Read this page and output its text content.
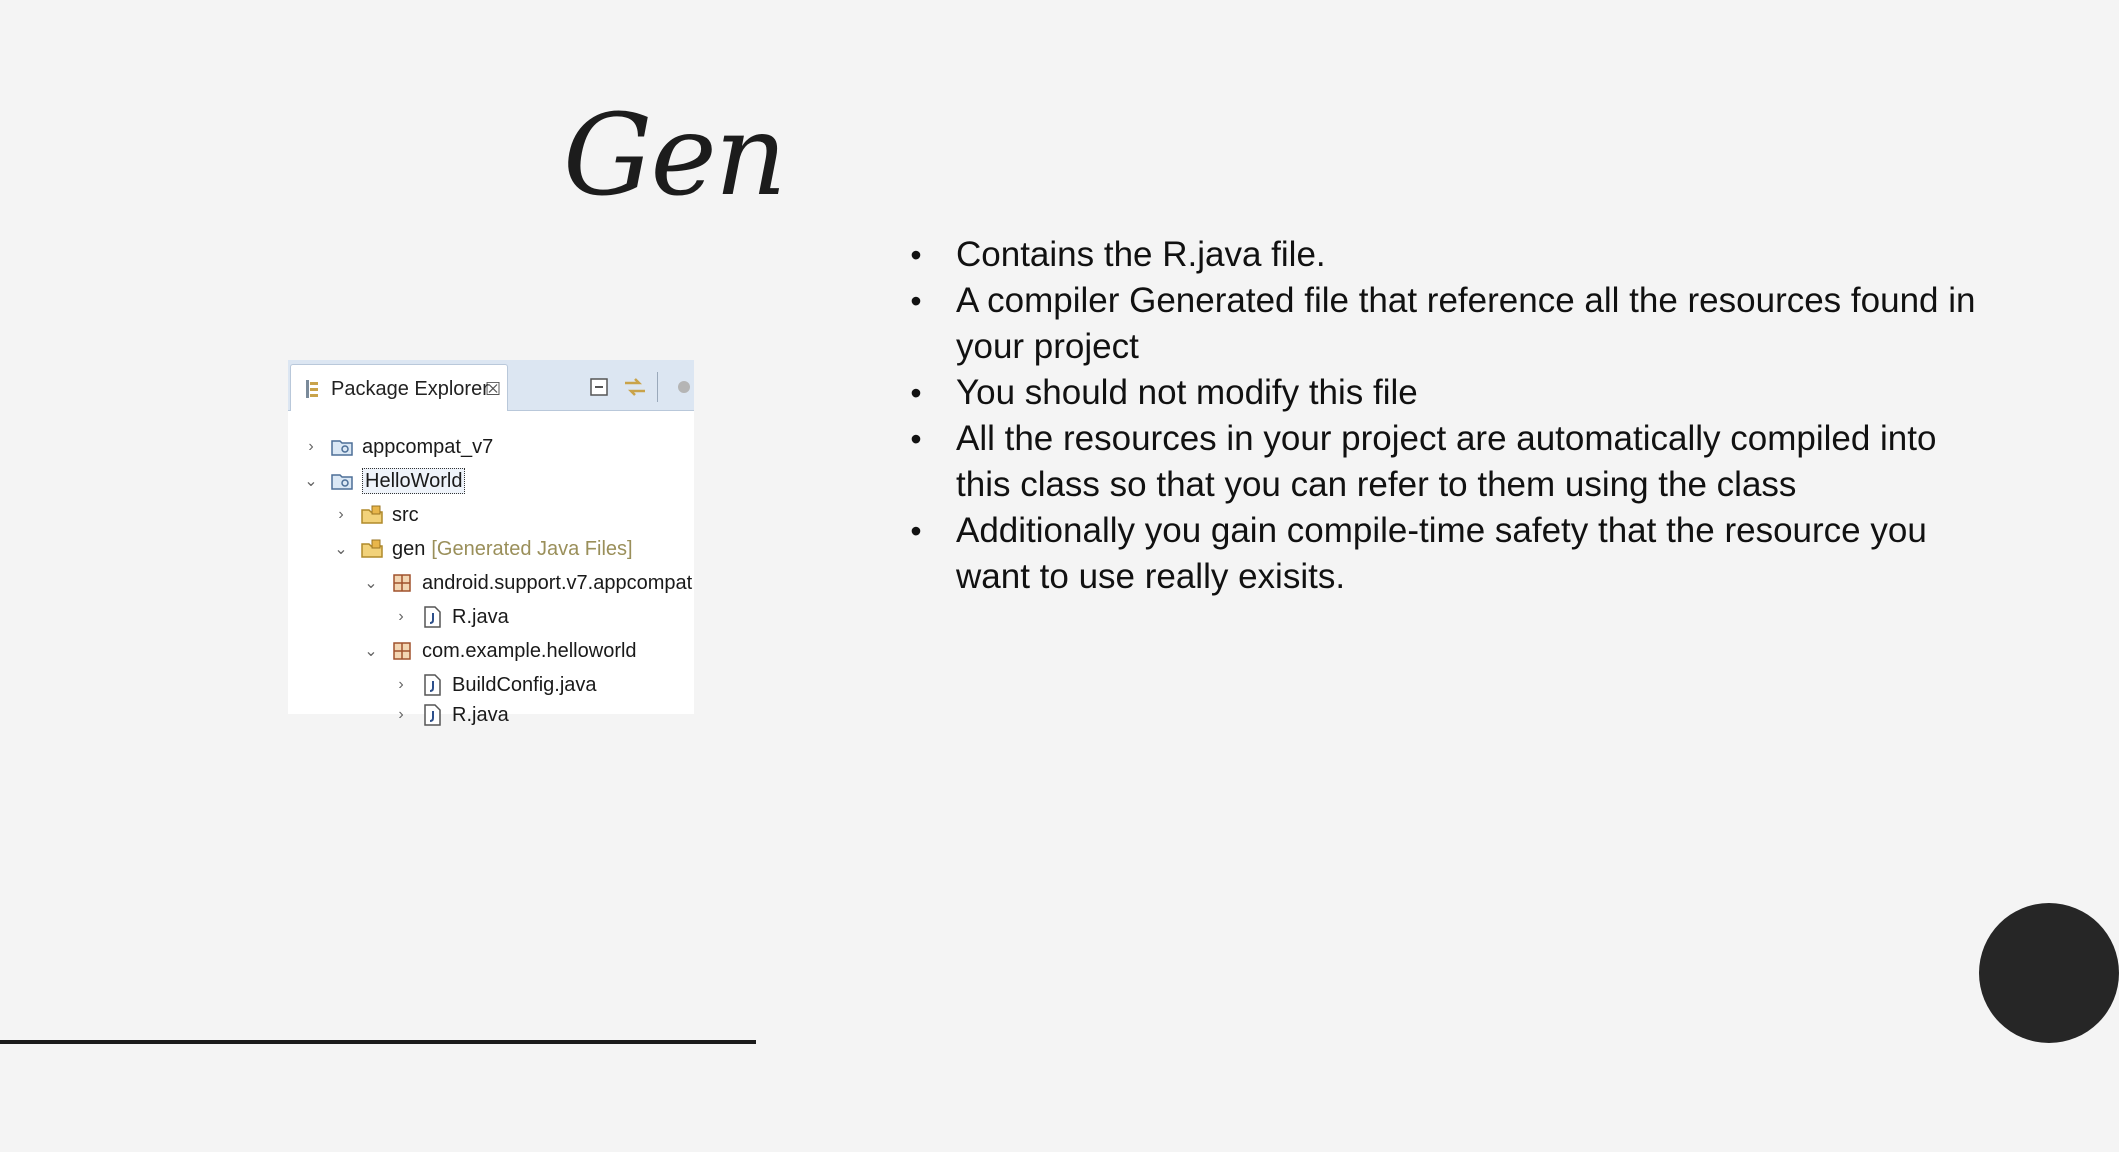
Gen
• Contains the R.java file.
• A compiler Generated file that reference all the resources found in your project
• You should not modify this file
• All the resources in your project are automatically compiled into this class so that you can refer to them using the class
• Additionally you gain compile-time safety that the resource you want to use really exisits.
Package Explorer
☒
›	appcompat_v7
⌄ HelloWorld
›	src
⌄ gen [Generated Java Files]
⌄ android.support.v7.appcompat
›	R.java
⌄ com.example.helloworld
›	BuildConfig.java
›	R.java
